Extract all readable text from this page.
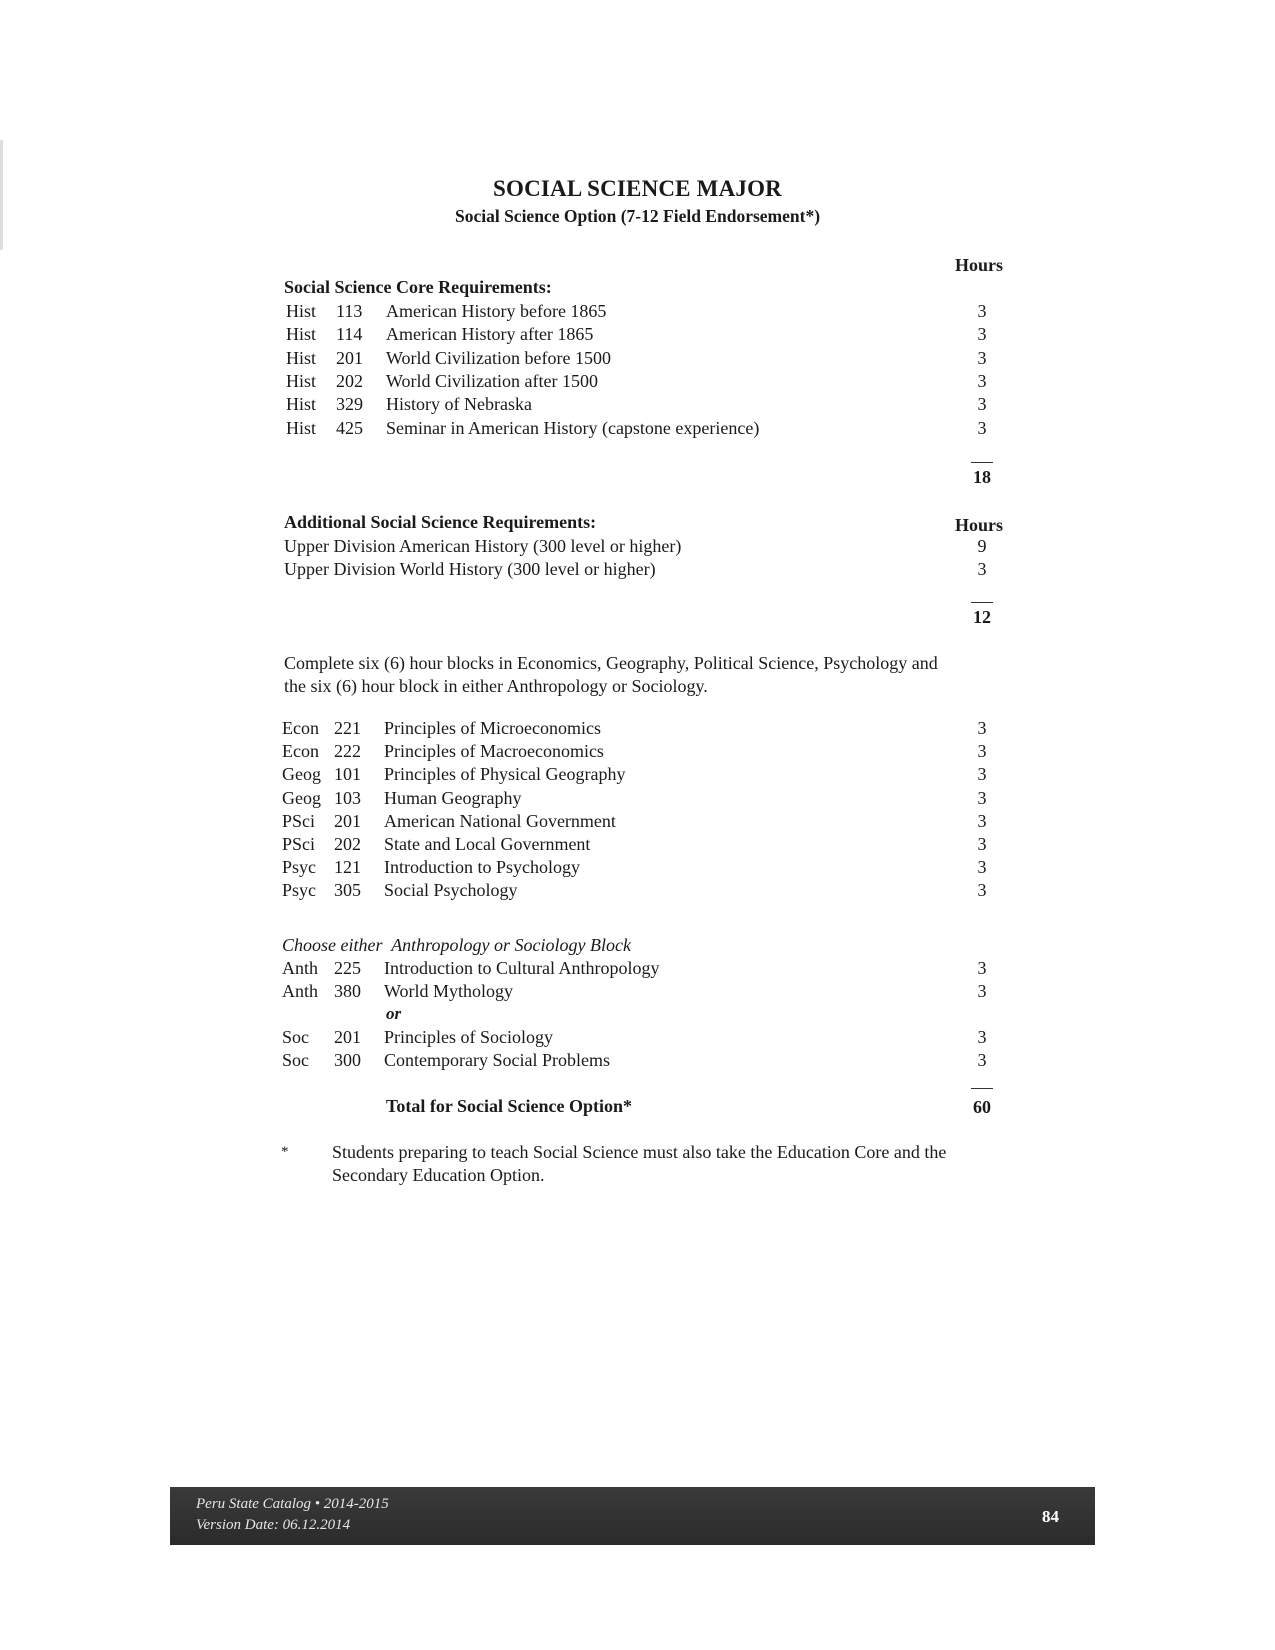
SOCIAL SCIENCE MAJOR
Social Science Option (7-12 Field Endorsement*)
Hours
Social Science Core Requirements:
Hist 113 American History before 1865	3
Hist 114 American History after 1865	3
Hist 201 World Civilization before 1500	3
Hist 202 World Civilization after 1500	3
Hist 329 History of Nebraska	3
Hist 425 Seminar in American History (capstone experience)	3
18
Additional Social Science Requirements:	Hours
Upper Division American History (300 level or higher)	9
Upper Division World History (300 level or higher)	3
12
Complete six (6) hour blocks in Economics, Geography, Political Science, Psychology and the six (6) hour block in either Anthropology or Sociology.
Econ 221 Principles of Microeconomics	3
Econ 222 Principles of Macroeconomics	3
Geog 101 Principles of Physical Geography	3
Geog 103 Human Geography	3
PSci 201 American National Government	3
PSci 202 State and Local Government	3
Psyc 121 Introduction to Psychology	3
Psyc 305 Social Psychology	3
Choose either Anthropology or Sociology Block
Anth 225 Introduction to Cultural Anthropology	3
Anth 380 World Mythology	3
or
Soc 201 Principles of Sociology	3
Soc 300 Contemporary Social Problems	3
Total for Social Science Option*	60
* Students preparing to teach Social Science must also take the Education Core and the Secondary Education Option.
Peru State Catalog • 2014-2015
Version Date: 06.12.2014	84
